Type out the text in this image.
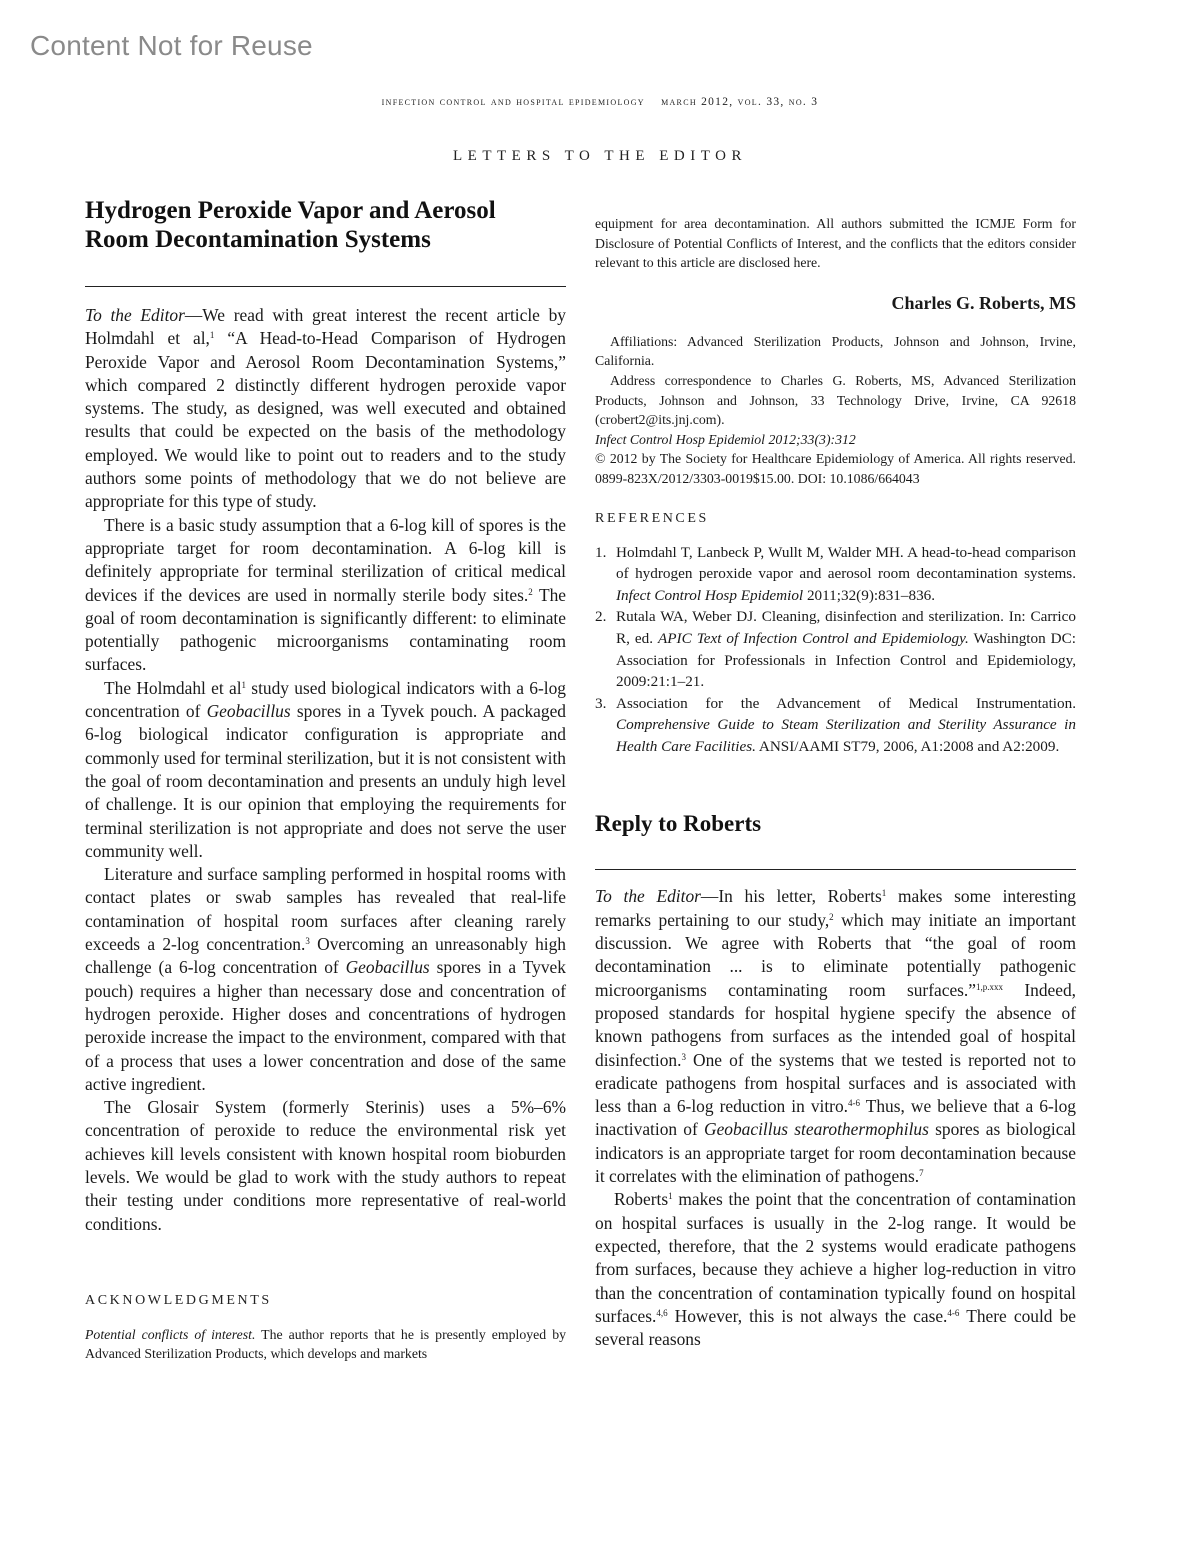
Content Not for Reuse
infection control and hospital epidemiology march 2012, vol. 33, no. 3
LETTERS TO THE EDITOR
Hydrogen Peroxide Vapor and Aerosol
Room Decontamination Systems

To the Editor—We read with great interest the recent article by Holmdahl et al,$^1$ “A Head-to-Head Comparison of Hydrogen Peroxide Vapor and Aerosol Room Decontamination Systems,” which compared 2 distinctly different hydrogen peroxide vapor systems. The study, as designed, was well executed and obtained results that could be expected on the basis of the methodology employed. We would like to point out to readers and to the study authors some points of methodology that we do not believe are appropriate for this type of study.

There is a basic study assumption that a 6-log kill of spores is the appropriate target for room decontamination. A 6-log kill is definitely appropriate for terminal sterilization of critical medical devices if the devices are used in normally sterile body sites.$^2$ The goal of room decontamination is significantly different: to eliminate potentially pathogenic microorganisms contaminating room surfaces.

The Holmdahl et $al^1$ study used biological indicators with a 6-log concentration of Geobacillus spores in a Tyvek pouch. A packaged 6-log biological indicator configuration is appropriate and commonly used for terminal sterilization, but it is not consistent with the goal of room decontamination and presents an unduly high level of challenge. It is our opinion that employing the requirements for terminal sterilization is not appropriate and does not serve the user community well.

Literature and surface sampling performed in hospital rooms with contact plates or swab samples has revealed that real-life contamination of hospital room surfaces after cleaning rarely exceeds a 2-log concentration.$^3$ Overcoming an unreasonably high challenge (a 6-log concentration of Geobacillus spores in a Tyvek pouch) requires a higher than necessary dose and concentration of hydrogen peroxide. Higher doses and concentrations of hydrogen peroxide increase the impact to the environment, compared with that of a process that uses a lower concentration and dose of the same active ingredient.

The Glosair System (formerly Sterinis) uses a 5%–6% concentration of peroxide to reduce the environmental risk yet achieves kill levels consistent with known hospital room bioburden levels. We would be glad to work with the study authors to repeat their testing under conditions more representative of real-world conditions.

ACKNOWLEDGMENTS

Potential conflicts of interest. The author reports that he is presently employed by Advanced Sterilization Products, which develops and markets

equipment for area decontamination. All authors submitted the ICMJE Form for Disclosure of Potential Conflicts of Interest, and the conflicts that the editors consider relevant to this article are disclosed here.

Charles G. Roberts, MS

Affiliations: Advanced Sterilization Products, Johnson and Johnson, Irvine, California.

Address correspondence to Charles G. Roberts, MS, Advanced Sterilization Products, Johnson and Johnson, 33 Technology Drive, Irvine, CA 92618 (crobert2@its.jnj.com).

Infect Control Hosp Epidemiol 2012;33(3):312

© 2012 by The Society for Healthcare Epidemiology of America. All rights reserved. 0899-823X/2012/3303-0019$15.00. DOI: 10.1086/664043

REFERENCES
1. Holmdahl T, Lanbeck P, Wullt M, Walder MH. A head-to-head comparison of hydrogen peroxide vapor and aerosol room decontamination systems. Infect Control Hosp Epidemiol 2011;32(9):831–836.
2. Rutala WA, Weber DJ. Cleaning, disinfection and sterilization. In: Carrico R, ed. APIC Text of Infection Control and Epidemiology. Washington DC: Association for Professionals in Infection Control and Epidemiology, 2009:21:1–21.
3. Association for the Advancement of Medical Instrumentation. Comprehensive Guide to Steam Sterilization and Sterility Assurance in Health Care Facilities. ANSI/AAMI ST79, 2006, A1:2008 and A2:2009.
Reply to Roberts

To the Editor—In his letter, Roberts$^1$ makes some interesting remarks pertaining to our study,$^2$ which may initiate an important discussion. We agree with Roberts that “the goal of room decontamination ... is to eliminate potentially pathogenic microorganisms contaminating room surfaces.”$^{1,p.xxx}$ Indeed, proposed standards for hospital hygiene specify the absence of known pathogens from surfaces as the intended goal of hospital disinfection.$^3$ One of the systems that we tested is reported not to eradicate pathogens from hospital surfaces and is associated with less than a 6-log reduction in vitro.$^{4-6}$ Thus, we believe that a 6-log inactivation of Geobacillus stearothermophilus spores as biological indicators is an appropriate target for room decontamination because it correlates with the elimination of pathogens.$^7$

Roberts$^1$ makes the point that the concentration of contamination on hospital surfaces is usually in the 2-log range. It would be expected, therefore, that the 2 systems would eradicate pathogens from surfaces, because they achieve a higher log-reduction in vitro than the concentration of contamination typically found on hospital surfaces.$^{4,6}$ However, this is not always the case.$^{4-6}$ There could be several reasons
